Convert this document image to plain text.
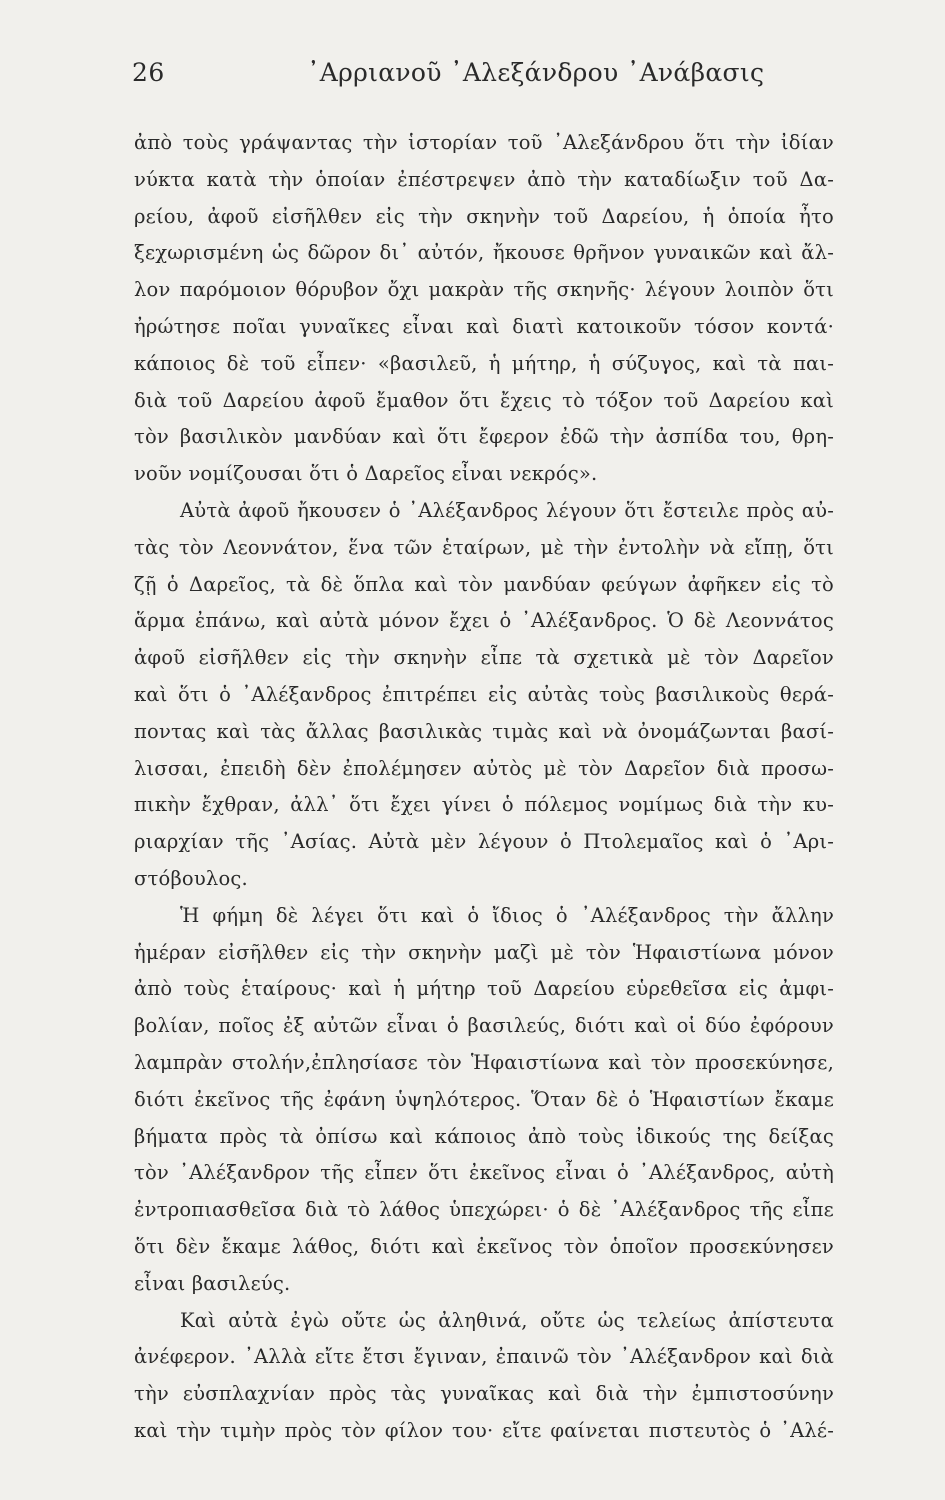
26	᾿Αρριανοῦ ᾿Αλεξάνδρου ᾿Ανάβασις
ἀπὸ τοὺς γράψαντας τὴν ἱστορίαν τοῦ ᾿Αλεξάνδρου ὅτι τὴν ἰδίαν
νύκτα κατὰ τὴν ὁποίαν ἐπέστρεψεν ἀπὸ τὴν καταδίωξιν τοῦ Δα-
ρείου, ἀφοῦ εἰσῆλθεν εἰς τὴν σκηνὴν τοῦ Δαρείου, ἡ ὁποία ἦτο
ξεχωρισμένη ὡς δῶρον δι᾿ αὐτόν, ἤκουσε θρῆνον γυναικῶν καὶ ἄλ-
λον παρόμοιον θόρυβον ὄχι μακρὰν τῆς σκηνῆς· λέγουν λοιπὸν ὅτι
ἠρώτησε ποῖαι γυναῖκες εἶναι καὶ διατὶ κατοικοῦν τόσον κοντά·
κάποιος δὲ τοῦ εἶπεν· «βασιλεῦ, ἡ μήτηρ, ἡ σύζυγος, καὶ τὰ παι-
διὰ τοῦ Δαρείου ἀφοῦ ἔμαθον ὅτι ἔχεις τὸ τόξον τοῦ Δαρείου καὶ
τὸν βασιλικὸν μανδύαν καὶ ὅτι ἔφερον ἐδῶ τὴν ἀσπίδα του, θρη-
νοῦν νομίζουσαι ὅτι ὁ Δαρεῖος εἶναι νεκρός».
Αὐτὰ ἀφοῦ ἤκουσεν ὁ ᾿Αλέξανδρος λέγουν ὅτι ἔστειλε πρὸς αὐ-
τὰς τὸν Λεοννάτον, ἕνα τῶν ἑταίρων, μὲ τὴν ἐντολὴν νὰ εἴπῃ, ὅτι
ζῇ ὁ Δαρεῖος, τὰ δὲ ὅπλα καὶ τὸν μανδύαν φεύγων ἀφῆκεν εἰς τὸ
ἅρμα ἐπάνω, καὶ αὐτὰ μόνον ἔχει ὁ ᾿Αλέξανδρος. Ὁ δὲ Λεοννάτος
ἀφοῦ εἰσῆλθεν εἰς τὴν σκηνὴν εἶπε τὰ σχετικὰ μὲ τὸν Δαρεῖον
καὶ ὅτι ὁ ᾿Αλέξανδρος ἐπιτρέπει εἰς αὐτὰς τοὺς βασιλικοὺς θερά-
ποντας καὶ τὰς ἄλλας βασιλικὰς τιμὰς καὶ νὰ ὀνομάζωνται βασί-
λισσαι, ἐπειδὴ δὲν ἐπολέμησεν αὐτὸς μὲ τὸν Δαρεῖον διὰ προσω-
πικὴν ἔχθραν, ἀλλ᾿ ὅτι ἔχει γίνει ὁ πόλεμος νομίμως διὰ τὴν κυ-
ριαρχίαν τῆς ᾿Ασίας. Αὐτὰ μὲν λέγουν ὁ Πτολεμαῖος καὶ ὁ ᾿Αρι-
στόβουλος.
Ἡ φήμη δὲ λέγει ὅτι καὶ ὁ ἴδιος ὁ ᾿Αλέξανδρος τὴν ἄλλην
ἡμέραν εἰσῆλθεν εἰς τὴν σκηνὴν μαζὶ μὲ τὸν Ἡφαιστίωνα μόνον
ἀπὸ τοὺς ἑταίρους· καὶ ἡ μήτηρ τοῦ Δαρείου εὑρεθεῖσα εἰς ἀμφι-
βολίαν, ποῖος ἐξ αὐτῶν εἶναι ὁ βασιλεύς, διότι καὶ οἱ δύο ἐφόρουν
λαμπρὰν στολήν,ἐπλησίασε τὸν Ἡφαιστίωνα καὶ τὸν προσεκύνησε,
διότι ἐκεῖνος τῆς ἐφάνη ὑψηλότερος. Ὅταν δὲ ὁ Ἡφαιστίων ἔκαμε
βήματα πρὸς τὰ ὀπίσω καὶ κάποιος ἀπὸ τοὺς ἰδικούς της δείξας
τὸν ᾿Αλέξανδρον τῆς εἶπεν ὅτι ἐκεῖνος εἶναι ὁ ᾿Αλέξανδρος, αὐτὴ
ἐντροπιασθεῖσα διὰ τὸ λάθος ὑπεχώρει· ὁ δὲ ᾿Αλέξανδρος τῆς εἶπε
ὅτι δὲν ἔκαμε λάθος, διότι καὶ ἐκεῖνος τὸν ὁποῖον προσεκύνησεν
εἶναι βασιλεύς.
Καὶ αὐτὰ ἐγὼ οὔτε ὡς ἀληθινά, οὔτε ὡς τελείως ἀπίστευτα
ἀνέφερον. ᾿Αλλὰ εἴτε ἔτσι ἔγιναν, ἐπαινῶ τὸν ᾿Αλέξανδρον καὶ διὰ
τὴν εὐσπλαχνίαν πρὸς τὰς γυναῖκας καὶ διὰ τὴν ἐμπιστοσύνην
καὶ τὴν τιμὴν πρὸς τὸν φίλον του· εἴτε φαίνεται πιστευτὸς ὁ ᾿Αλέ-
